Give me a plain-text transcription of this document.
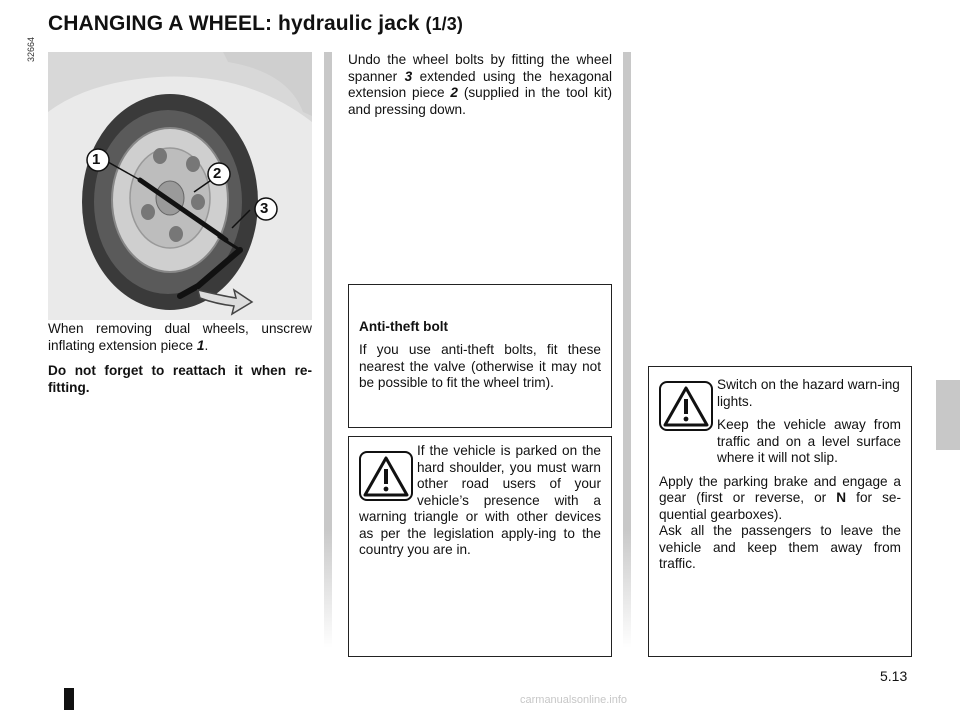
CHANGING A WHEEL: hydraulic jack (1/3)
1
2
3
32664

When removing dual wheels, unscrew inflating extension piece 1.

Do not forget to reattach it when re-fitting.

Undo the wheel bolts by fitting the wheel spanner 3 extended using the hexagonal extension piece 2 (supplied in the tool kit) and pressing down.

Anti-theft bolt

If you use anti-theft bolts, fit these nearest the valve (otherwise it may not be possible to fit the wheel trim).

If the vehicle is parked on the hard shoulder, you must warn other road users of your vehicle’s presence with a warning triangle or with other devices as per the legislation apply-ing to the country you are in.

Switch on the hazard warn-ing lights.

Keep the vehicle away from traffic and on a level surface where it will not slip.

Apply the parking brake and engage a gear (first or reverse, or N for se-quential gearboxes).

Ask all the passengers to leave the vehicle and keep them away from traffic.

5.13
carmanualsonline.info
